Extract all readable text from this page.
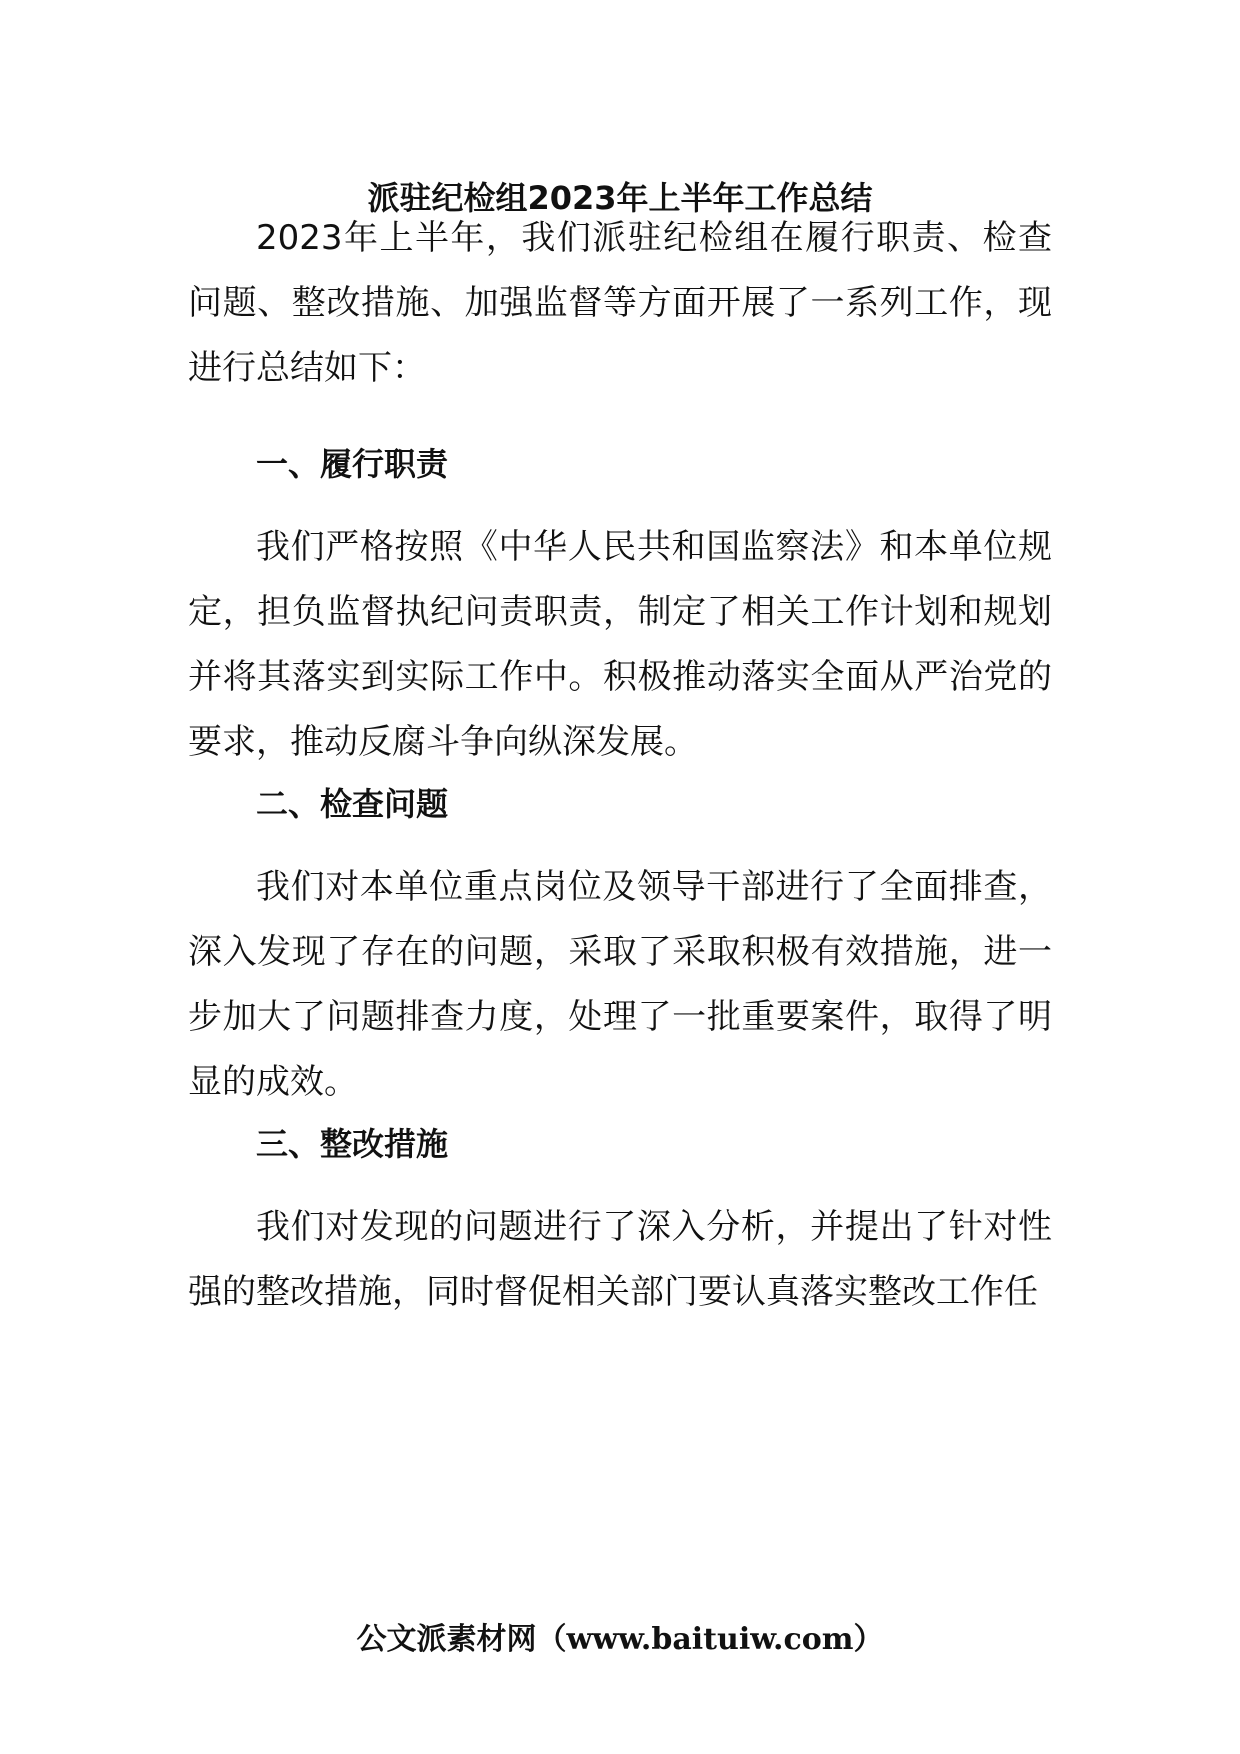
派驻纪检组2023年上半年工作总结

2023年上半年，我们派驻纪检组在履行职责、检查问题、整改措施、加强监督等方面开展了一系列工作，现进行总结如下：

一、履行职责

我们严格按照《中华人民共和国监察法》和本单位规定，担负监督执纪问责职责，制定了相关工作计划和规划并将其落实到实际工作中。积极推动落实全面从严治党的要求，推动反腐斗争向纵深发展。

二、检查问题

我们对本单位重点岗位及领导干部进行了全面排查，深入发现了存在的问题，采取了采取积极有效措施，进一步加大了问题排查力度，处理了一批重要案件，取得了明显的成效。

三、整改措施

我们对发现的问题进行了深入分析，并提出了针对性强的整改措施，同时督促相关部门要认真落实整改工作任

公文派素材网（www.baituiw.com）
